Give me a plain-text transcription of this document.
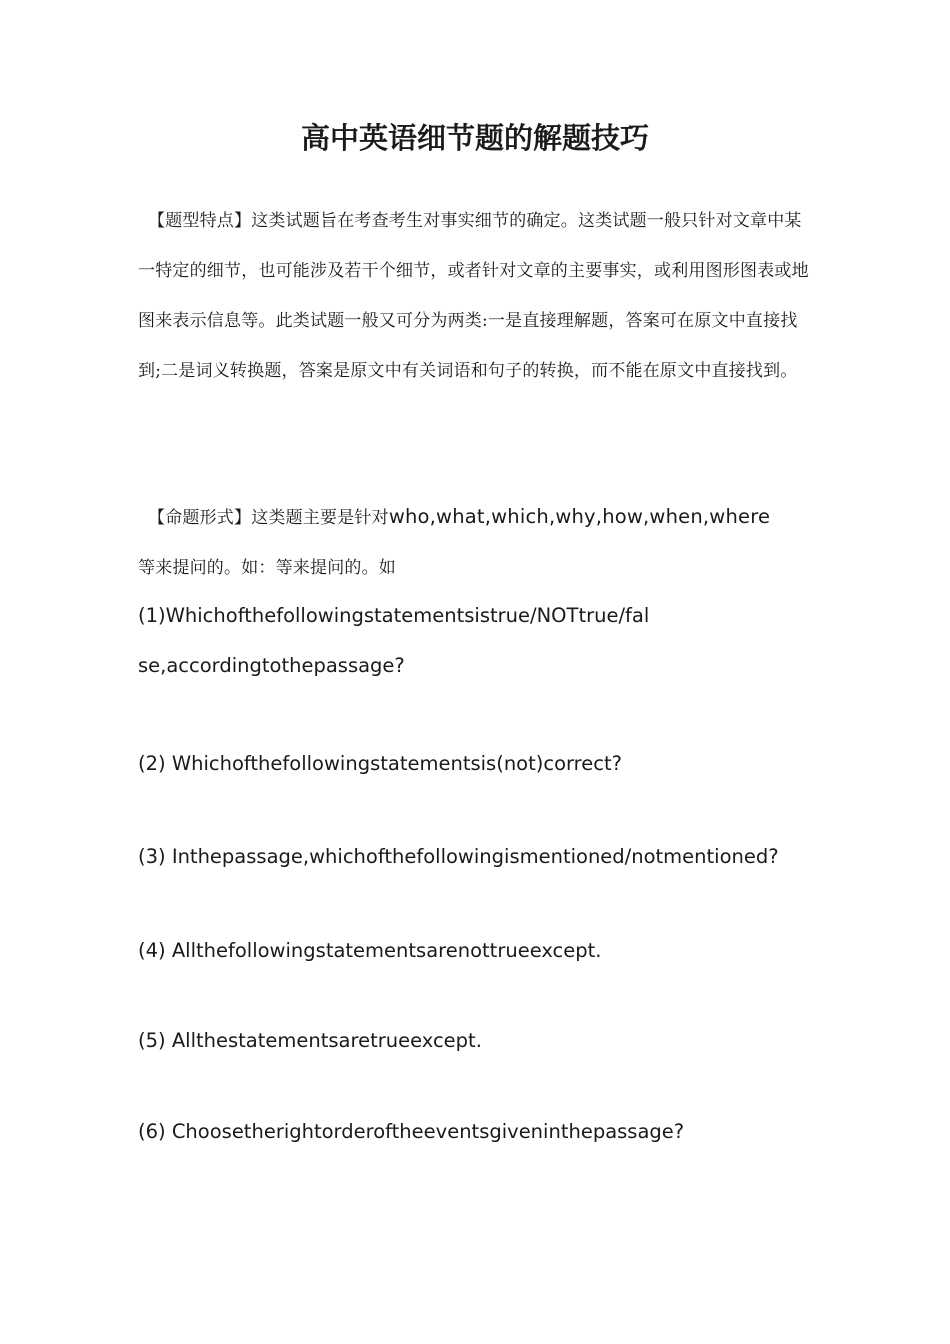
高中英语细节题的解题技巧

【题型特点】这类试题旨在考查考生对事实细节的确定。这类试题一般只针对文章中某一特定的细节，也可能涉及若干个细节，或者针对文章的主要事实，或利用图形图表或地图来表示信息等。此类试题一般又可分为两类:一是直接理解题，答案可在原文中直接找到;二是词义转换题，答案是原文中有关词语和句子的转换，而不能在原文中直接找到。

【命题形式】这类题主要是针对who,what,which,why,how,when,where
等来提问的。如：等来提问的。如

(1)Whichofthefollowingstatementsistrue/NOTtrue/false,accordingtothepassage?

(2) Whichofthefollowingstatementsis(not)correct?

(3) Inthepassage,whichofthefollowingismentioned/notmentioned?

(4) Allthefollowingstatementsarenottrueexcept.

(5) Allthestatementsaretrueexcept.

(6) Choosetherightorderoftheeventsgiveninthepassage?
